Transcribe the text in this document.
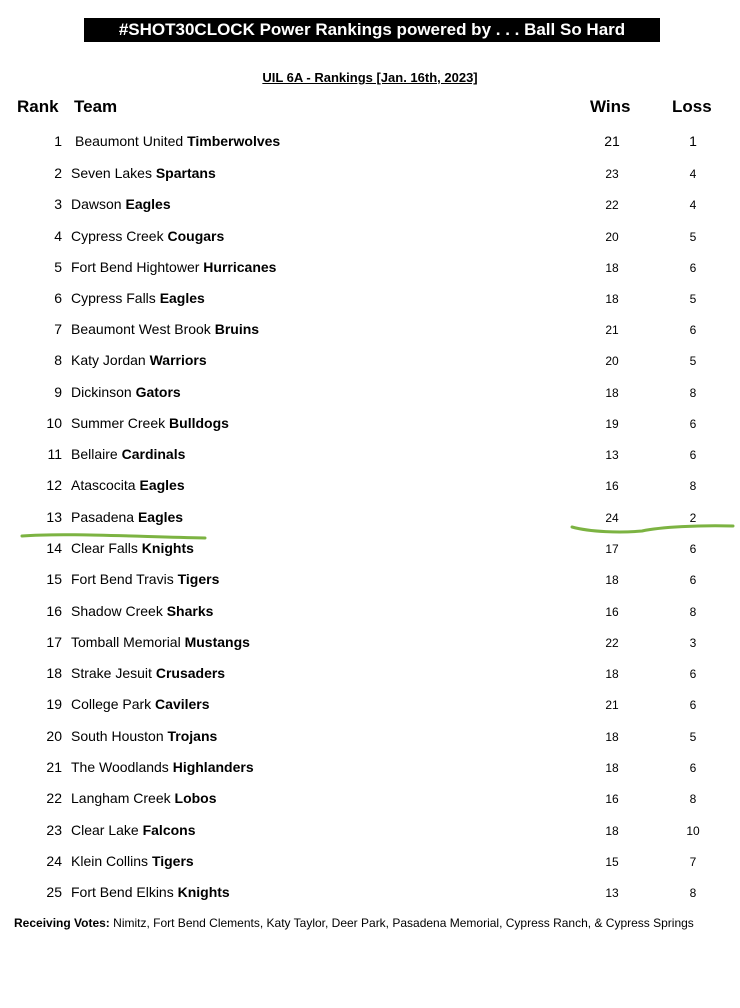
#SHOT30CLOCK Power Rankings powered by . . . Ball So Hard
UIL 6A - Rankings [Jan. 16th, 2023]
Rank Team	Wins Loss
1 Beaumont United Timberwolves	21	1
2 Seven Lakes Spartans	23	4
3 Dawson Eagles	22	4
4 Cypress Creek Cougars	20	5
5 Fort Bend Hightower Hurricanes	18	6
6 Cypress Falls Eagles	18	5
7 Beaumont West Brook Bruins	21	6
8 Katy Jordan Warriors	20	5
9 Dickinson Gators	18	8
10 Summer Creek Bulldogs	19	6
11 Bellaire Cardinals	13	6
12 Atascocita Eagles	16	8
13 Pasadena Eagles	24	2
14 Clear Falls Knights	17	6
15 Fort Bend Travis Tigers	18	6
16 Shadow Creek Sharks	16	8
17 Tomball Memorial Mustangs	22	3
18 Strake Jesuit Crusaders	18	6
19 College Park Cavilers	21	6
20 South Houston Trojans	18	5
21 The Woodlands Highlanders	18	6
22 Langham Creek Lobos	16	8
23 Clear Lake Falcons	18	10
24 Klein Collins Tigers	15	7
25 Fort Bend Elkins Knights	13	8
Receiving Votes: Nimitz, Fort Bend Clements, Katy Taylor, Deer Park, Pasadena Memorial, Cypress Ranch, & Cypress Springs
